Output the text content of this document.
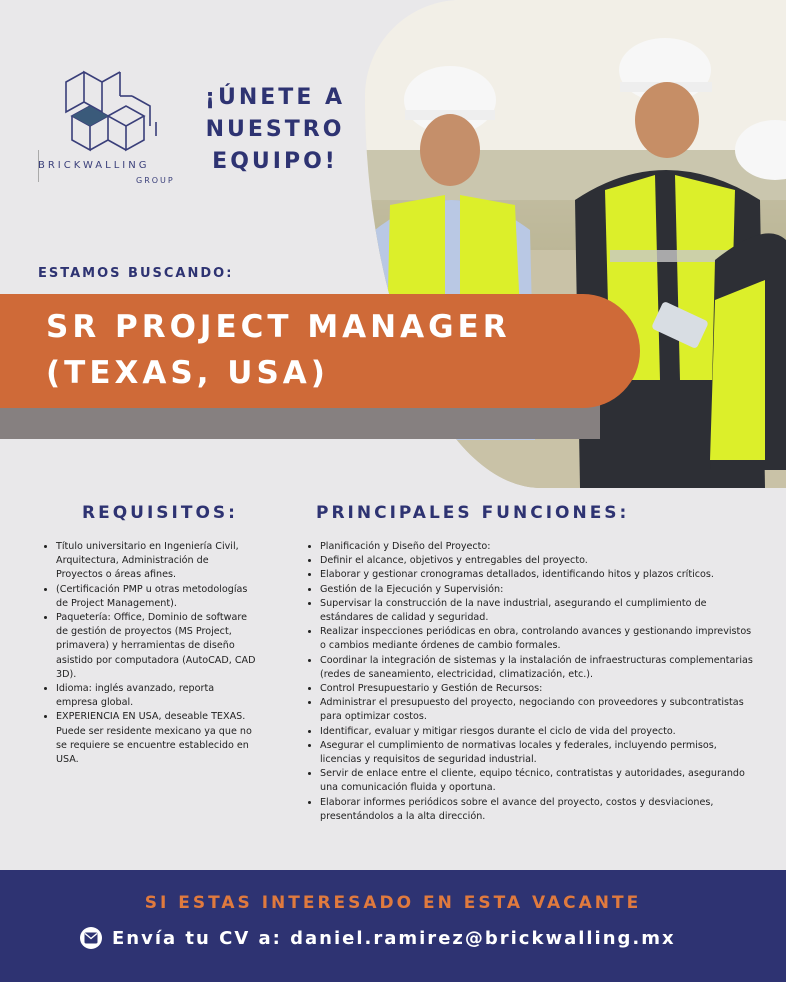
BRICKWALLING
GROUP
¡ÚNETE A
NUESTRO
EQUIPO!
ESTAMOS BUSCANDO:
SR PROJECT MANAGER
(TEXAS, USA)
REQUISITOS:	PRINCIPALES FUNCIONES:
• Título universitario en Ingeniería Civil, Arquitectura, Administración de Proyectos o áreas afines.
• (Certificación PMP u otras metodologías de Project Management).
• Paquetería: Office, Dominio de software de gestión de proyectos (MS Project, primavera) y herramientas de diseño asistido por computadora (AutoCAD, CAD 3D).
• Idioma: inglés avanzado, reporta empresa global.
• EXPERIENCIA EN USA, deseable TEXAS. Puede ser residente mexicano ya que no se requiere se encuentre establecido en USA.
• Planificación y Diseño del Proyecto:
• Definir el alcance, objetivos y entregables del proyecto.
• Elaborar y gestionar cronogramas detallados, identificando hitos y plazos críticos.
• Gestión de la Ejecución y Supervisión:
• Supervisar la construcción de la nave industrial, asegurando el cumplimiento de estándares de calidad y seguridad.
• Realizar inspecciones periódicas en obra, controlando avances y gestionando imprevistos o cambios mediante órdenes de cambio formales.
• Coordinar la integración de sistemas y la instalación de infraestructuras complementarias (redes de saneamiento, electricidad, climatización, etc.).
• Control Presupuestario y Gestión de Recursos:
• Administrar el presupuesto del proyecto, negociando con proveedores y subcontratistas para optimizar costos.
• Identificar, evaluar y mitigar riesgos durante el ciclo de vida del proyecto.
• Asegurar el cumplimiento de normativas locales y federales, incluyendo permisos, licencias y requisitos de seguridad industrial.
• Servir de enlace entre el cliente, equipo técnico, contratistas y autoridades, asegurando una comunicación fluida y oportuna.
• Elaborar informes periódicos sobre el avance del proyecto, costos y desviaciones, presentándolos a la alta dirección.
SI ESTAS INTERESADO EN ESTA VACANTE
Envía tu CV a: daniel.ramirez@brickwalling.mx
